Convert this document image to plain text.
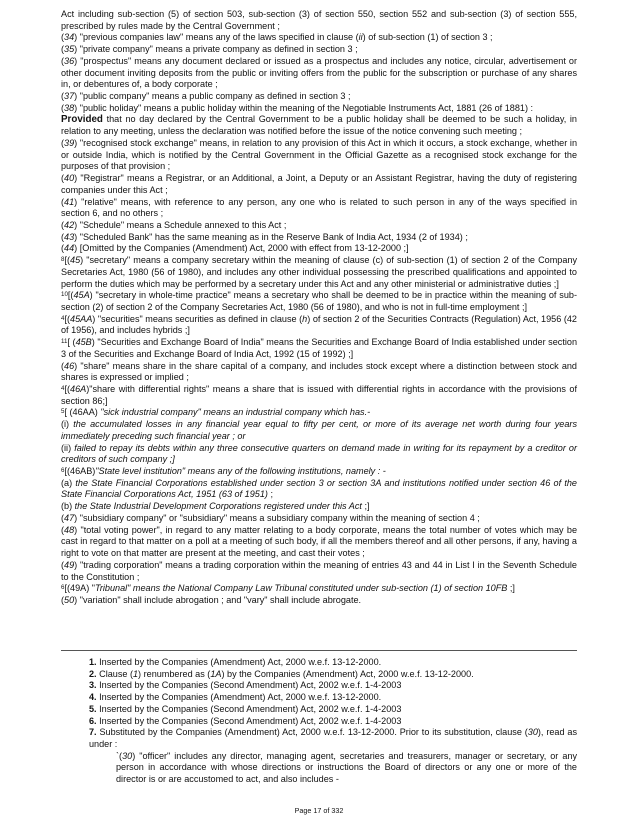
Act including sub-section (5) of section 503, sub-section (3) of section 550, section 552 and sub-section (3) of section 555, prescribed by rules made by the Central Government ;

(34) "previous companies law" means any of the laws specified in clause (ii) of sub-section (1) of section 3 ;

(35) "private company" means a private company as defined in section 3 ;

(36) "prospectus" means any document declared or issued as a prospectus and includes any notice, circular, advertisement or other document inviting deposits from the public or inviting offers from the public for the subscription or purchase of any shares in, or debentures of, a body corporate ;

(37) "public company" means a public company as defined in section 3 ;

(38) "public holiday" means a public holiday within the meaning of the Negotiable Instruments Act, 1881 (26 of 1881) :

Provided that no day declared by the Central Government to be a public holiday shall be deemed to be such a holiday, in relation to any meeting, unless the declaration was notified before the issue of the notice convening such meeting ;

(39) "recognised stock exchange" means, in relation to any provision of this Act in which it occurs, a stock exchange, whether in or outside India, which is notified by the Central Government in the Official Gazette as a recognised stock exchange for the purposes of that provision ;

(40) "Registrar" means a Registrar, or an Additional, a Joint, a Deputy or an Assistant Registrar, having the duty of registering companies under this Act ;

(41) "relative" means, with reference to any person, any one who is related to such person in any of the ways specified in section 6, and no others ;

(42) "Schedule" means a Schedule annexed to this Act ;

(43) "Scheduled Bank" has the same meaning as in the Reserve Bank of India Act, 1934 (2 of 1934) ;

(44) [Omitted by the Companies (Amendment) Act, 2000 with effect from 13-12-2000 ;]

$^8$[(45) "secretary" means a company secretary within the meaning of clause (c) of sub-section (1) of section 2 of the Company Secretaries Act, 1980 (56 of 1980), and includes any other individual possessing the prescribed qualifications and appointed to perform the duties which may be performed by a secretary under this Act and any other ministerial or administrative duties ;]

$^{10}$[(45A) "secretary in whole-time practice" means a secretary who shall be deemed to be in practice within the meaning of sub-section (2) of section 2 of the Company Secretaries Act, 1980 (56 of 1980), and who is not in full-time employment ;]

$^4$[(45AA) "securities" means securities as defined in clause (h) of section 2 of the Securities Contracts (Regulation) Act, 1956 (42 of 1956), and includes hybrids ;]

$^{11}$[ (45B) "Securities and Exchange Board of India" means the Securities and Exchange Board of India established under section 3 of the Securities and Exchange Board of India Act, 1992 (15 of 1992) ;]

(46) "share" means share in the share capital of a company, and includes stock except where a distinction between stock and shares is expressed or implied ;

$^4$[(46A)"share with differential rights" means a share that is issued with differential rights in accordance with the provisions of section 86;]

$^5$[ (46AA) "sick industrial company" means an industrial company which has.-

(i) the accumulated losses in any financial year equal to fifty per cent, or more of its average net worth during four years immediately preceding such financial year ; or

(ii) failed to repay its debts within any three consecutive quarters on demand made in writing for its repayment by a creditor or creditors of such company ;]

$^6$[(46AB)"State level institution" means any of the following institutions, namely : -

(a) the State Financial Corporations established under section 3 or section 3A and institutions notified under section 46 of the State Financial Corporations Act, 1951 (63 of 1951) ;

(b) the State Industrial Development Corporations registered under this Act ;]

(47) "subsidiary company" or "subsidiary" means a subsidiary company within the meaning of section 4 ;

(48) "total voting power", in regard to any matter relating to a body corporate, means the total number of votes which may be cast in regard to that matter on a poll at a meeting of such body, if all the members thereof and all other persons, if any, having a right to vote on that matter are present at the meeting, and cast their votes ;

(49) "trading corporation" means a trading corporation within the meaning of entries 43 and 44 in List I in the Seventh Schedule to the Constitution ;

$^6$[(49A) "Tribunal" means the National Company Law Tribunal constituted under sub-section (1) of section 10FB ;]

(50) "variation" shall include abrogation ; and "vary" shall include abrogate.

1. Inserted by the Companies (Amendment) Act, 2000 w.e.f. 13-12-2000.

2. Clause (1) renumbered as (1A) by the Companies (Amendment) Act, 2000 w.e.f. 13-12-2000.

3. Inserted by the Companies (Second Amendment) Act, 2002 w.e.f. 1-4-2003

4. Inserted by the Companies (Amendment) Act, 2000 w.e.f. 13-12-2000.

5. Inserted by the Companies (Second Amendment) Act, 2002 w.e.f. 1-4-2003

6. Inserted by the Companies (Second Amendment) Act, 2002 w.e.f. 1-4-2003

7. Substituted by the Companies (Amendment) Act, 2000 w.e.f. 13-12-2000. Prior to its substitution, clause (30), read as under :

`(30) "officer" includes any director, managing agent, secretaries and treasurers, manager or secretary, or any person in accordance with whose directions or instructions the Board of directors or any one or more of the director is or are accustomed to act, and also includes -

Page 17 of 332
